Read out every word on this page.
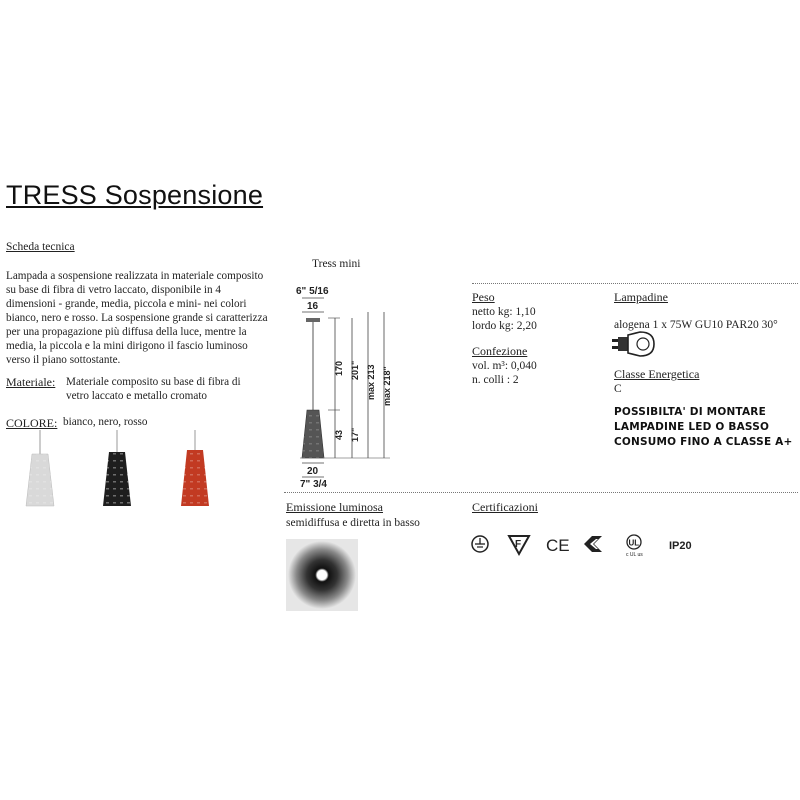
TRESS Sospensione
Scheda tecnica
Lampada a sospensione realizzata in materiale composito su base di fibra di vetro laccato, disponibile in 4 dimensioni - grande, media, piccola e mini- nei colori bianco, nero e rosso. La sospensione grande si caratterizza per una propagazione più diffusa della luce, mentre la media, la piccola e la mini dirigono il fascio luminoso verso il piano sottostante.
Materiale: Materiale composito su base di fibra di vetro laccato e metallo cromato
COLORE: bianco, nero, rosso
Tress mini
6" 5/16
16
170 201" max 213 max 218"
43 17"
20
7" 3/4
Peso
netto kg: 1,10
lordo kg: 2,20
Confezione
vol. m³: 0,040
n. colli : 2
Lampadine
alogena 1 x 75W GU10 PAR20 30°
Classe Energetica
C
POSSIBILTA' DI MONTARE
LAMPADINE LED O BASSO
CONSUMO FINO A CLASSE A+
Emissione luminosa
semidiffusa e diretta in basso
Certificazioni
F CE	UL
c UL us
IP20
